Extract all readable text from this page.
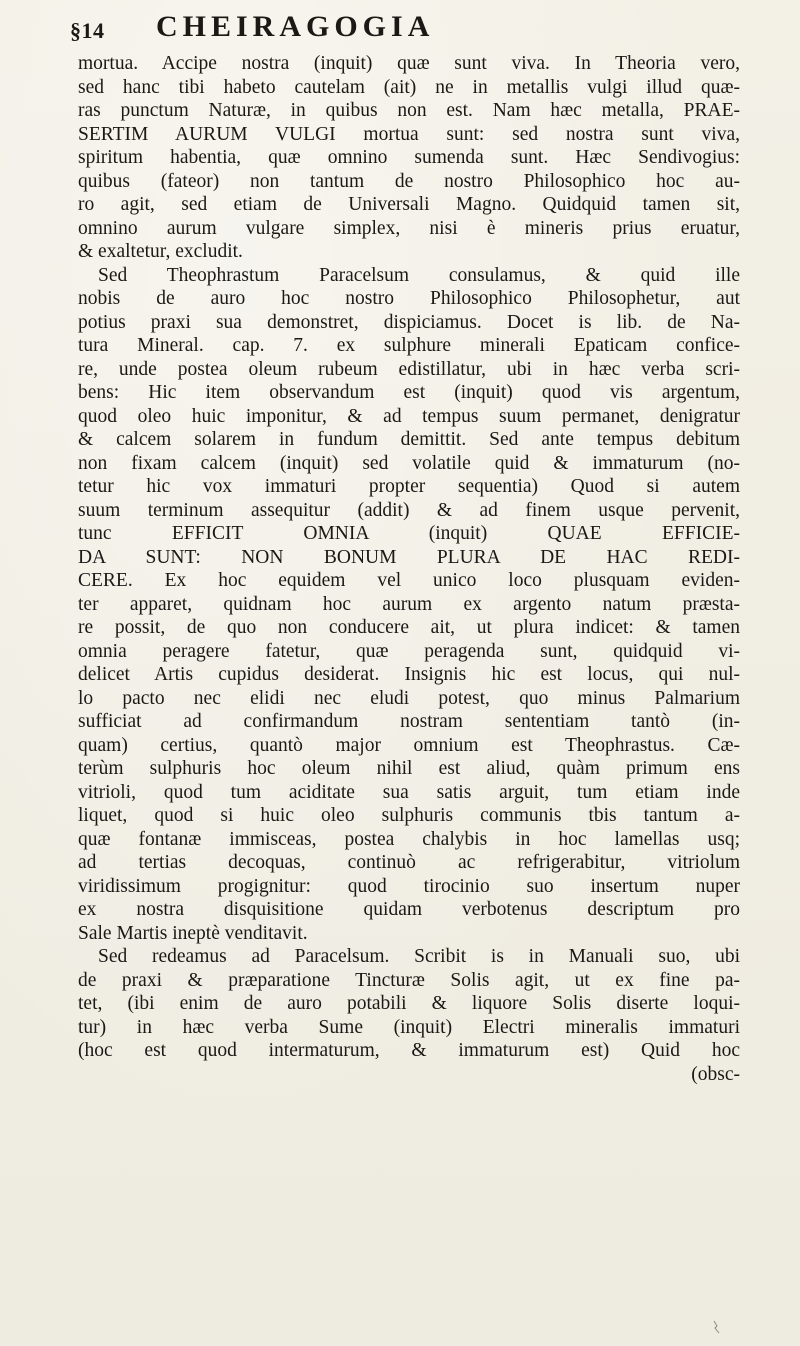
§14 CHEIRAGOGIA
mortua. Accipe nostra (inquit) quæ sunt viva. In Theoria vero,
sed hanc tibi habeto cautelam (ait) ne in metallis vulgi illud quæ-
ras punctum Naturæ, in quibus non est. Nam hæc metalla, PRAE-
SERTIM AURUM VULGI mortua sunt: sed nostra sunt viva,
spiritum habentia, quæ omnino sumenda sunt. Hæc Sendivogius:
quibus (fateor) non tantum de nostro Philosophico hoc au-
ro agit, sed etiam de Universali Magno. Quidquid tamen sit,
omnino aurum vulgare simplex, nisi è mineris prius eruatur,
& exaltetur, excludit.
Sed Theophrastum Paracelsum consulamus, & quid ille
nobis de auro hoc nostro Philosophico Philosophetur, aut
potius praxi sua demonstret, dispiciamus. Docet is lib. de Na-
tura Mineral. cap. 7. ex sulphure minerali Epaticam confice-
re, unde postea oleum rubeum edistillatur, ubi in hæc verba scri-
bens: Hic item observandum est (inquit) quod vis argentum,
quod oleo huic imponitur, & ad tempus suum permanet, denigratur
& calcem solarem in fundum demittit. Sed ante tempus debitum
non fixam calcem (inquit) sed volatile quid & immaturum (no-
tetur hic vox immaturi propter sequentia) Quod si autem
suum terminum assequitur (addit) & ad finem usque pervenit,
tunc EFFICIT OMNIA (inquit) QUAE EFFICIE-
DA SUNT: NON BONUM PLURA DE HAC REDI-
CERE. Ex hoc equidem vel unico loco plusquam eviden-
ter apparet, quidnam hoc aurum ex argento natum præsta-
re possit, de quo non conducere ait, ut plura indicet: & tamen
omnia peragere fatetur, quæ peragenda sunt, quidquid vi-
delicet Artis cupidus desiderat. Insignis hic est locus, qui nul-
lo pacto nec elidi nec eludi potest, quo minus Palmarium
sufficiat ad confirmandum nostram sententiam tantò (in-
quam) certius, quantò major omnium est Theophrastus. Cæ-
terùm sulphuris hoc oleum nihil est aliud, quàm primum ens
vitrioli, quod tum aciditate sua satis arguit, tum etiam inde
liquet, quod si huic oleo sulphuris communis tbis tantum a-
quæ fontanæ immisceas, postea chalybis in hoc lamellas usq;
ad tertias decoquas, continuò ac refrigerabitur, vitriolum
viridissimum progignitur: quod tirocinio suo insertum nuper
ex nostra disquisitione quidam verbotenus descriptum pro
Sale Martis ineptè venditavit.
Sed redeamus ad Paracelsum. Scribit is in Manuali suo, ubi
de praxi & præparatione Tincturæ Solis agit, ut ex fine pa-
tet, (ibi enim de auro potabili & liquore Solis diserte loqui-
tur) in hæc verba Sume (inquit) Electri mineralis immaturi
(hoc est quod intermaturum, & immaturum est) Quid hoc
(obsc-
